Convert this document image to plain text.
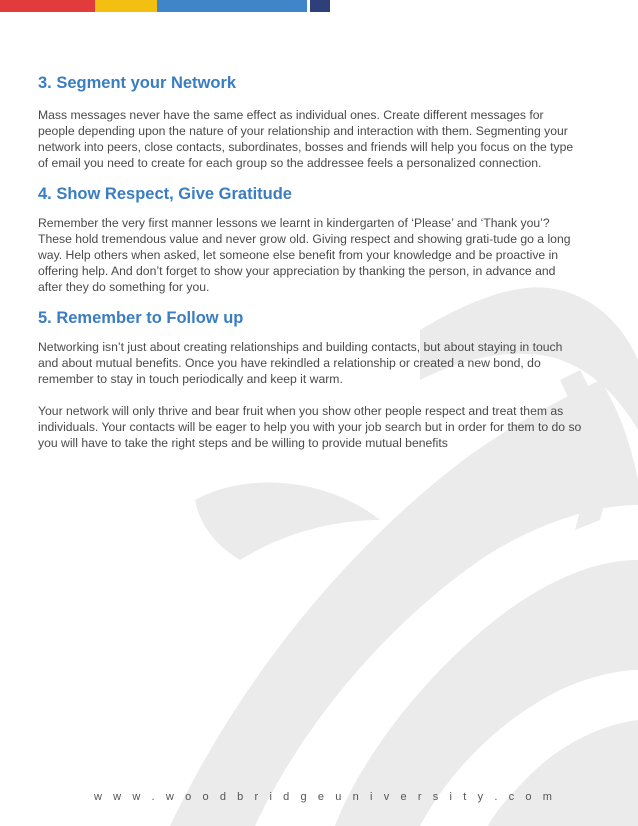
3. Segment your Network

Mass messages never have the same effect as individual ones. Create different messages for people depending upon the nature of your relationship and interaction with them. Segmenting your network into peers, close contacts, subordinates, bosses and friends will help you focus on the type of email you need to create for each group so the addressee feels a personalized connection.

4. Show Respect, Give Gratitude

Remember the very first manner lessons we learnt in kindergarten of ‘Please’ and ‘Thank you’? These hold tremendous value and never grow old. Giving respect and showing grati-tude go a long way. Help others when asked, let someone else benefit from your knowledge and be proactive in offering help. And don’t forget to show your appreciation by thanking the person, in advance and after they do something for you.

5. Remember to Follow up

Networking isn’t just about creating relationships and building contacts, but about staying in touch and about mutual benefits. Once you have rekindled a relationship or created a new bond, do remember to stay in touch periodically and keep it warm.

Your network will only thrive and bear fruit when you show other people respect and treat them as individuals. Your contacts will be eager to help you with your job search but in order for them to do so you will have to take the right steps and be willing to provide mutual benefits

w w w . w o o d b r i d g e u n i v e r s i t y . c o m
